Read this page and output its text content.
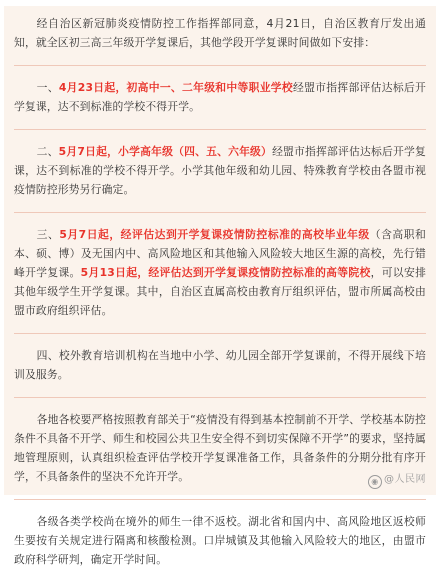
经自治区新冠肺炎疫情防控工作指挥部同意，4月21日，自治区教育厅发出通知，就全区初三高三年级开学复课后，其他学段开学复课时间做如下安排：

一、4月23日起，初高中一、二年级和中等职业学校经盟市指挥部评估达标后开学复课，达不到标准的学校不得开学。

二、5月7日起，小学高年级（四、五、六年级）经盟市指挥部评估达标后开学复课，达不到标准的学校不得开学。小学其他年级和幼儿园、特殊教育学校由各盟市视疫情防控形势另行确定。

三、5月7日起，经评估达到开学复课疫情防控标准的高校毕业年级（含高职和本、硕、博）及无国内中、高风险地区和其他输入风险较大地区生源的高校，先行错峰开学复课。5月13日起，经评估达到开学复课疫情防控标准的高等院校，可以安排其他年级学生开学复课。其中，自治区直属高校由教育厅组织评估，盟市所属高校由盟市政府组织评估。

四、校外教育培训机构在当地中小学、幼儿园全部开学复课前，不得开展线下培训及服务。

各地各校要严格按照教育部关于“疫情没有得到基本控制前不开学、学校基本防控条件不具备不开学、师生和校园公共卫生安全得不到切实保障不开学”的要求，坚持属地管理原则，认真组织检查评估学校开学复课准备工作，具备条件的分期分批有序开学，不具备条件的坚决不允许开学。

各级各类学校尚在境外的师生一律不返校。湖北省和国内中、高风险地区返校师生要按有关规定进行隔离和核酸检测。口岸城镇及其他输入风险较大的地区，由盟市政府科学研判，确定开学时间。

◉ @人民网
